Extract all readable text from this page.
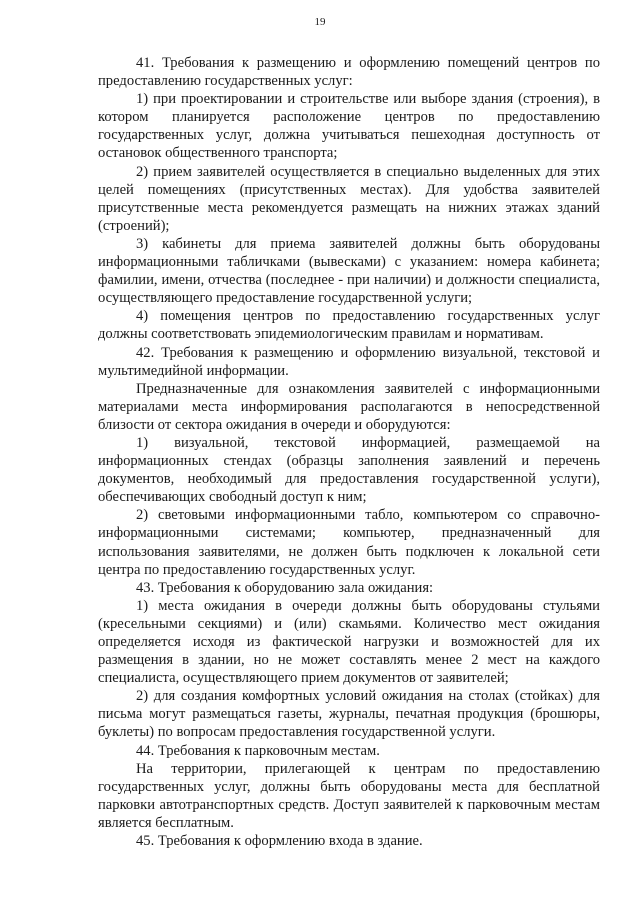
19

41. Требования к размещению и оформлению помещений центров по предоставлению государственных услуг:

1) при проектировании и строительстве или выборе здания (строения), в котором планируется расположение центров по предоставлению государственных услуг, должна учитываться пешеходная доступность от остановок общественного транспорта;

2) прием заявителей осуществляется в специально выделенных для этих целей помещениях (присутственных местах). Для удобства заявителей присутственные места рекомендуется размещать на нижних этажах зданий (строений);

3) кабинеты для приема заявителей должны быть оборудованы информационными табличками (вывесками) с указанием: номера кабинета; фамилии, имени, отчества (последнее - при наличии) и должности специалиста, осуществляющего предоставление государственной услуги;

4) помещения центров по предоставлению государственных услуг должны соответствовать эпидемиологическим правилам и нормативам.

42. Требования к размещению и оформлению визуальной, текстовой и мультимедийной информации.

Предназначенные для ознакомления заявителей с информационными материалами места информирования располагаются в непосредственной близости от сектора ожидания в очереди и оборудуются:

1) визуальной, текстовой информацией, размещаемой на информационных стендах (образцы заполнения заявлений и перечень документов, необходимый для предоставления государственной услуги), обеспечивающих свободный доступ к ним;

2) световыми информационными табло, компьютером со справочно-информационными системами; компьютер, предназначенный для использования заявителями, не должен быть подключен к локальной сети центра по предоставлению государственных услуг.

43. Требования к оборудованию зала ожидания:

1) места ожидания в очереди должны быть оборудованы стульями (кресельными секциями) и (или) скамьями. Количество мест ожидания определяется исходя из фактической нагрузки и возможностей для их размещения в здании, но не может составлять менее 2 мест на каждого специалиста, осуществляющего прием документов от заявителей;

2) для создания комфортных условий ожидания на столах (стойках) для письма могут размещаться газеты, журналы, печатная продукция (брошюры, буклеты) по вопросам предоставления государственной услуги.

44. Требования к парковочным местам.

На территории, прилегающей к центрам по предоставлению государственных услуг, должны быть оборудованы места для бесплатной парковки автотранспортных средств. Доступ заявителей к парковочным местам является бесплатным.

45. Требования к оформлению входа в здание.
